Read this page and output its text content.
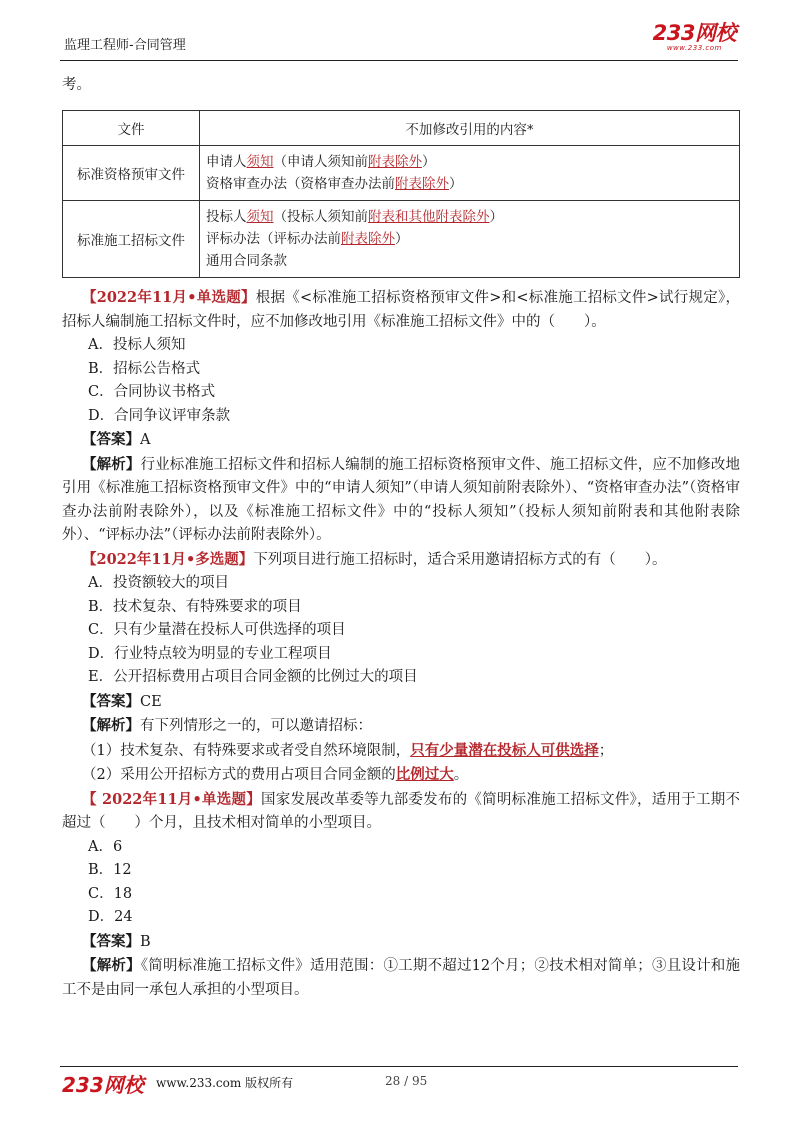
监理工程师-合同管理
233网校
www.233.com
考。
文件	不加修改引用的内容*
标准资格预审文件	申请人须知（申请人须知前附表除外）
资格审查办法（资格审查办法前附表除外）

标准施工招标文件	投标人须知（投标人须知前附表和其他附表除外）
评标办法（评标办法前附表除外）
通用合同条款

【2022年11月•单选题】根据《<标准施工招标资格预审文件>和<标准施工招标文件>试行规定》，招标人编制施工招标文件时，应不加修改地引用《标准施工招标文件》中的（　　）。

A．投标人须知

B．招标公告格式

C．合同协议书格式

D．合同争议评审条款

【答案】A

【解析】行业标准施工招标文件和招标人编制的施工招标资格预审文件、施工招标文件，应不加修改地引用《标准施工招标资格预审文件》中的“申请人须知”（申请人须知前附表除外）、“资格审查办法”（资格审查办法前附表除外），以及《标准施工招标文件》中的“投标人须知”（投标人须知前附表和其他附表除外）、“评标办法”（评标办法前附表除外）。

【2022年11月•多选题】下列项目进行施工招标时，适合采用邀请招标方式的有（　　）。

A．投资额较大的项目

B．技术复杂、有特殊要求的项目

C．只有少量潜在投标人可供选择的项目

D．行业特点较为明显的专业工程项目

E．公开招标费用占项目合同金额的比例过大的项目

【答案】CE

【解析】有下列情形之一的，可以邀请招标：

（1）技术复杂、有特殊要求或者受自然环境限制，只有少量潜在投标人可供选择；

（2）采用公开招标方式的费用占项目合同金额的比例过大。

【 2022年11月•单选题】国家发展改革委等九部委发布的《简明标准施工招标文件》，适用于工期不超过（　　）个月，且技术相对简单的小型项目。

A．6

B．12

C．18

D．24

【答案】B

【解析】《简明标准施工招标文件》适用范围：①工期不超过12个月；②技术相对简单；③且设计和施工不是由同一承包人承担的小型项目。

233网校 www.233.com 版权所有	28 / 95
